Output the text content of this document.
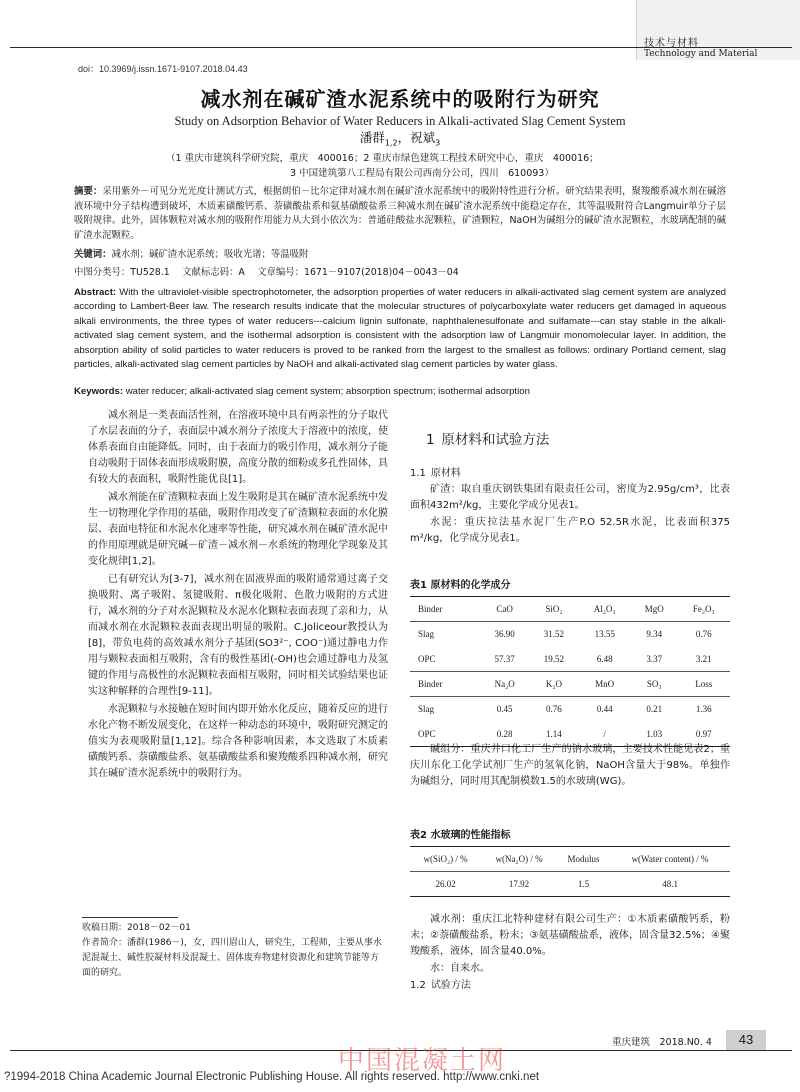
技术与材料
Technology and Material
doi：10.3969/j.issn.1671-9107.2018.04.43
减水剂在碱矿渣水泥系统中的吸附行为研究
Study on Adsorption Behavior of Water Reducers in Alkali-activated Slag Cement System
潘群$_{1,2}$，祝斌$_3$
（1 重庆市建筑科学研究院，重庆　400016；2 重庆市绿色建筑工程技术研究中心，重庆　400016；
3 中国建筑第八工程局有限公司西南分公司，四川　610093）
摘要：采用紫外－可见分光光度计测试方式，根据朗伯－比尔定律对减水剂在碱矿渣水泥系统中的吸附特性进行分析。研究结果表明，聚羧酸系减水剂在碱溶液环境中分子结构遭到破坏，木质素磺酸钙系、萘磺酸盐系和氨基磺酸盐系三种减水剂在碱矿渣水泥系统中能稳定存在，其等温吸附符合Langmuir单分子层吸附规律。此外，固体颗粒对减水剂的吸附作用能力从大到小依次为：普通硅酸盐水泥颗粒，矿渣颗粒，NaOH为碱组分的碱矿渣水泥颗粒，水玻璃配制的碱矿渣水泥颗粒。
关键词：减水剂；碱矿渣水泥系统；吸收光谱；等温吸附
中图分类号：TU528.1 　 文献标志码：A 　 文章编号：1671－9107(2018)04－0043－04
Abstract: With the ultraviolet-visible spectrophotometer, the adsorption properties of water reducers in alkali-activated slag cement system are analyzed according to Lambert-Beer law. The research results indicate that the molecular structures of polycarboxylate water reducers get damaged in aqueous alkali environments, the three types of water reducers---calcium lignin sulfonate, naphthalenesulfonate and sulfamate---can stay stable in the alkali-activated slag cement system, and the isothermal adsorption is consistent with the adsorption law of Langmuir monomolecular layer. In addition, the absorption ability of solid particles to water reducers is proved to be ranked from the largest to the smallest as follows: ordinary Portland cement, slag particles, alkali-activated slag cement particles by NaOH and alkali-activated slag cement particles by water glass.
Keywords: water reducer; alkali-activated slag cement system; absorption spectrum; isothermal adsorption

减水剂是一类表面活性剂，在溶液环境中具有两亲性的分子取代了水层表面的分子，表面层中减水剂分子浓度大于溶液中的浓度，使体系表面自由能降低。同时，由于表面力的吸引作用，减水剂分子能自动吸附于固体表面形成吸附膜，高度分散的细粉或多孔性固体，具有较大的表面积，吸附性能优良[1]。

减水剂能在矿渣颗粒表面上发生吸附是其在碱矿渣水泥系统中发生一切物理化学作用的基础，吸附作用改变了矿渣颗粒表面的水化膜层、表面电特征和水泥水化速率等性能，研究减水剂在碱矿渣水泥中的作用原理就是研究碱－矿渣－减水剂－水系统的物理化学现象及其变化规律[1,2]。

已有研究认为[3-7]，减水剂在固液界面的吸附通常通过离子交换吸附、离子吸附、氢键吸附、π极化吸附、色散力吸附的方式进行，减水剂的分子对水泥颗粒及水泥水化颗粒表面表现了亲和力，从而减水剂在水泥颗粒表面表现出明显的吸附。C.Joliceour教授认为[8]，带负电荷的高效减水剂分子基团(SO3²⁻, COO⁻)通过静电力作用与颗粒表面相互吸附，含有的极性基团(-OH)也会通过静电力及氢键的作用与高极性的水泥颗粒表面相互吸附，同时相关试验结果也证实这种解释的合理性[9-11]。

水泥颗粒与水接触在短时间内即开始水化反应，随着反应的进行水化产物不断发展变化，在这样一种动态的环境中，吸附研究测定的值实为表观吸附量[1,12]。综合各种影响因素，本文选取了木质素磺酸钙系、萘磺酸盐系、氨基磺酸盐系和聚羧酸系四种减水剂，研究其在碱矿渣水泥系统中的吸附行为。

1  原材料和试验方法
1.1  原材料

矿渣：取自重庆钢铁集团有限责任公司，密度为2.95g/cm³，比表面积432m²/kg，主要化学成分见表1。

水泥：重庆拉法基水泥厂生产P.O 52.5R水泥，比表面积375 m²/kg，化学成分见表1。

表1 原材料的化学成分
Binder	CaO	SiO₂	Al₂O₃	MgO	Fe₂O₃
Slag	36.90	31.52	13.55	9.34	0.76
OPC	57.37	19.52	6.48	3.37	3.21
Binder	Na₂O	K₂O	MnO	SO₃	Loss
Slag	0.45	0.76	0.44	0.21	1.36
OPC	0.28	1.14	/	1.03	0.97

碱组分：重庆井口化工厂生产的钠水玻璃，主要技术性能见表2；重庆川东化工化学试剂厂生产的氢氧化钠，NaOH含量大于98%。单独作为碱组分，同时用其配制模数1.5的水玻璃(WG)。

表2 水玻璃的性能指标
w(SiO₂) / %	w(Na₂O) / %	Modulus	w(Water content) / %
26.02	17.92	1.5	48.1

减水剂：重庆江北特种建材有限公司生产：①木质素磺酸钙系，粉末；②萘磺酸盐系，粉末；③氨基磺酸盐系，液体，固含量32.5%；④聚羧酸系，液体，固含量40.0%。

水：自来水。

1.2  试验方法
收稿日期：2018－02－01
作者简介：潘群(1986－)，女，四川眉山人，研究生，工程师，主要从事水泥混凝土、碱性胶凝材料及混凝土、固体废弃物建材资源化和建筑节能等方面的研究。
中国混凝土网
重庆建筑　2018.N0. 4	43
?1994-2018 China Academic Journal Electronic Publishing House. All rights reserved. http://www.cnki.net
